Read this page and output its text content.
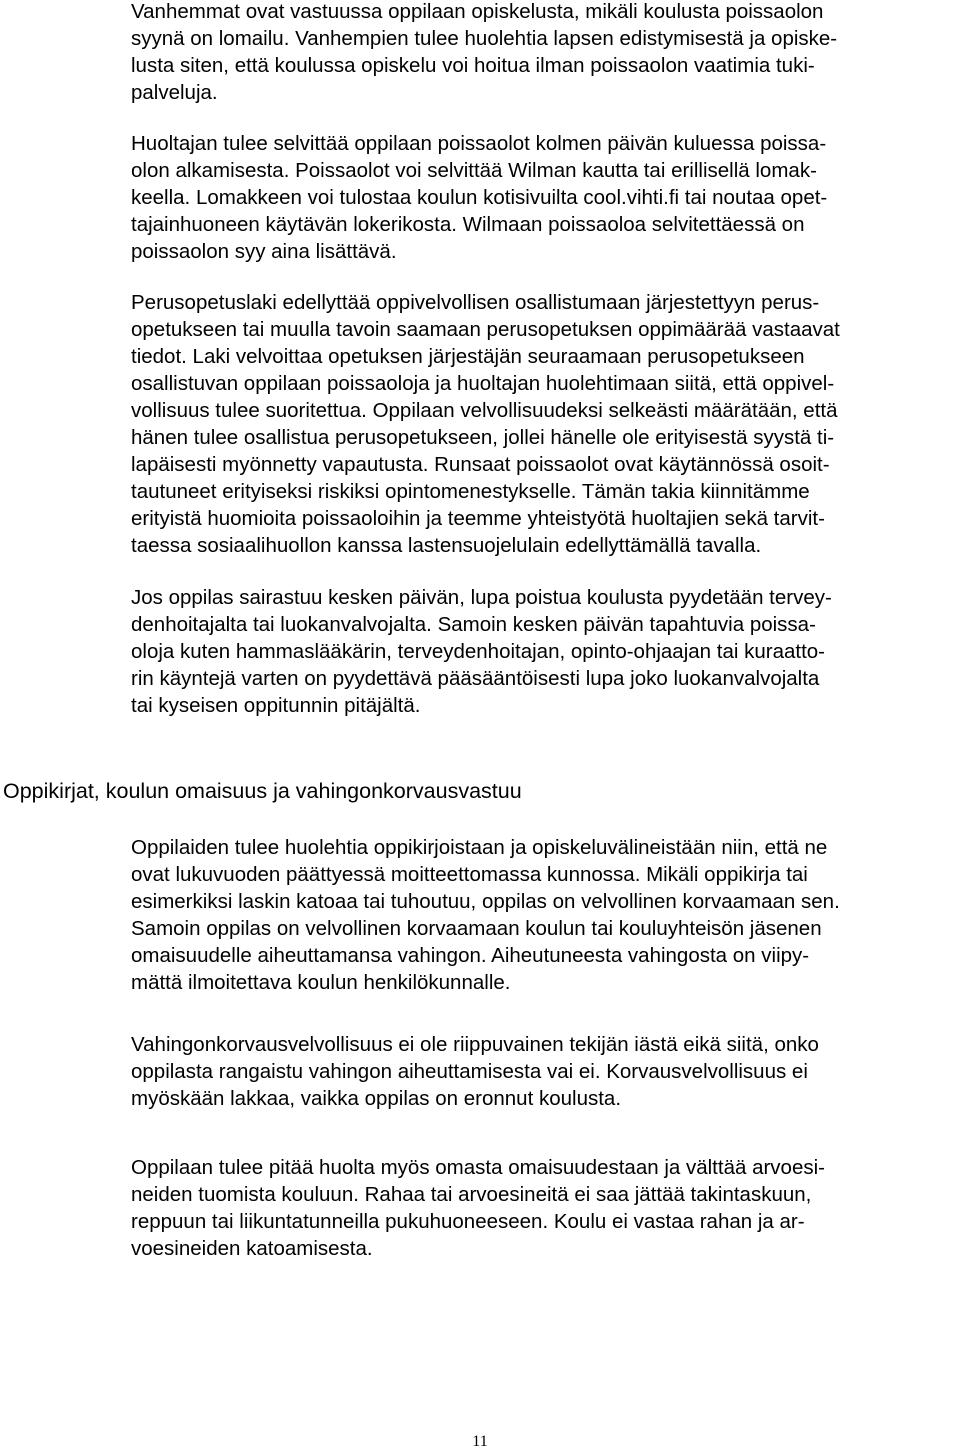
Vanhemmat ovat vastuussa oppilaan opiskelusta, mikäli koulusta poissaolon

syynä on lomailu. Vanhempien tulee huolehtia lapsen edistymisestä ja opiske-

lusta siten, että koulussa opiskelu voi hoitua ilman poissaolon vaatimia tuki-

palveluja.

Huoltajan tulee selvittää oppilaan poissaolot kolmen päivän kuluessa poissa-

olon alkamisesta. Poissaolot voi selvittää Wilman kautta tai erillisellä lomak-

keella. Lomakkeen voi tulostaa koulun kotisivuilta cool.vihti.fi tai noutaa opet-

tajainhuoneen käytävän lokerikosta. Wilmaan poissaoloa selvitettäessä on

poissaolon syy aina lisättävä.

Perusopetuslaki edellyttää oppivelvollisen osallistumaan järjestettyyn perus-

opetukseen tai muulla tavoin saamaan perusopetuksen oppimäärää vastaavat

tiedot. Laki velvoittaa opetuksen järjestäjän seuraamaan perusopetukseen

osallistuvan oppilaan poissaoloja ja huoltajan huolehtimaan siitä, että oppivel-

vollisuus tulee suoritettua. Oppilaan velvollisuudeksi selkeästi määrätään, että

hänen tulee osallistua perusopetukseen, jollei hänelle ole erityisestä syystä ti-

lapäisesti myönnetty vapautusta. Runsaat poissaolot ovat käytännössä osoit-

tautuneet erityiseksi riskiksi opintomenestykselle. Tämän takia kiinnitämme

erityistä huomioita poissaoloihin ja teemme yhteistyötä huoltajien sekä tarvit-

taessa sosiaalihuollon kanssa lastensuojelulain edellyttämällä tavalla.

Jos oppilas sairastuu kesken päivän, lupa poistua koulusta pyydetään tervey-

denhoitajalta tai luokanvalvojalta. Samoin kesken päivän tapahtuvia poissa-

oloja kuten hammaslääkärin, terveydenhoitajan, opinto-ohjaajan tai kuraatto-

rin käyntejä varten on pyydettävä pääsääntöisesti lupa joko luokanvalvojalta

tai kyseisen oppitunnin pitäjältä.

Oppikirjat, koulun omaisuus ja vahingonkorvausvastuu

Oppilaiden tulee huolehtia oppikirjoistaan ja opiskeluvälineistään niin, että ne

ovat lukuvuoden päättyessä moitteettomassa kunnossa. Mikäli oppikirja tai

esimerkiksi laskin katoaa tai tuhoutuu, oppilas on velvollinen korvaamaan sen.

Samoin oppilas on velvollinen korvaamaan koulun tai kouluyhteisön jäsenen

omaisuudelle aiheuttamansa vahingon. Aiheutuneesta vahingosta on viipy-

mättä ilmoitettava koulun henkilökunnalle.

Vahingonkorvausvelvollisuus ei ole riippuvainen tekijän iästä eikä siitä, onko

oppilasta rangaistu vahingon aiheuttamisesta vai ei. Korvausvelvollisuus ei

myöskään lakkaa, vaikka oppilas on eronnut koulusta.

Oppilaan tulee pitää huolta myös omasta omaisuudestaan ja välttää arvoesi-

neiden tuomista kouluun. Rahaa tai arvoesineitä ei saa jättää takintaskuun,

reppuun tai liikuntatunneilla pukuhuoneeseen. Koulu ei vastaa rahan ja ar-

voesineiden katoamisesta.

11
